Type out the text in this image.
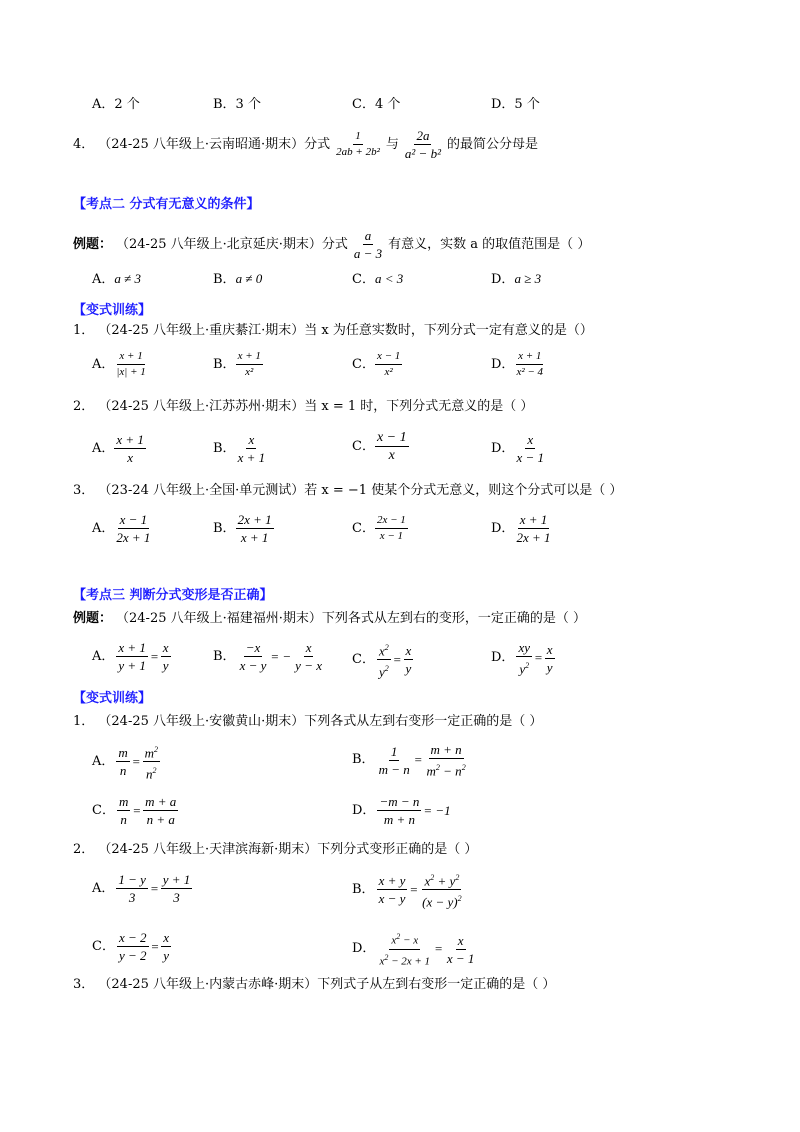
A．2 个	B．3 个	C．4 个	D．5 个
4． （24-25 八年级上·云南昭通·期末）分式 $\frac{1}{\text{2ab + 2b²}}$ 与 $\frac{2a}{\text{a² − b²}}$ 的最简公分母是
【考点二 分式有无意义的条件】
例题： （24-25 八年级上·北京延庆·期末）分式 $\frac{a}{a - 3}$ 有意义，实数 a 的取值范围是（ ）
A．a ≠ 3	B．a ≠ 0	C．a < 3	D．a ≥ 3
【变式训练】
1． （24-25 八年级上·重庆綦江·期末）当 x 为任意实数时，下列分式一定有意义的是（）
A． $\frac{x + 1}{|x| + 1}$	B． $\frac{x + 1}{\text{x²}}$	C． $\frac{x - 1}{\text{x²}}$	D． $\frac{x + 1}{\text{x² − 4}}$
2． （24-25 八年级上·江苏苏州·期末）当 x = 1 时，下列分式无意义的是（ ）
A． $\frac{x + 1}{x}$	B． $\frac{x}{x + 1}$	C． $\frac{x - 1}{x}$	D． $\frac{x}{x - 1}$
3． （23-24 八年级上·全国·单元测试）若 x = −1 使某个分式无意义，则这个分式可以是（ ）
A． $\frac{x - 1}{2x + 1}$	B． $\frac{2x + 1}{x + 1}$	C． $\frac{2x - 1}{x - 1}$	D． $\frac{x + 1}{2x + 1}$
【考点三 判断分式变形是否正确】
例题： （24-25 八年级上·福建福州·期末）下列各式从左到右的变形，一定正确的是（ ）
A． $\frac{x + 1}{y + 1} = \frac{x}{y}$	B． $\frac{-x}{x - y}$ = − $\frac{x}{y - x}$ C． $\frac{x^2}{y^2} = \frac{x}{y}$	D． $\frac{xy}{y^2} = \frac{x}{y}$
【变式训练】
1． （24-25 八年级上·安徽黄山·期末）下列各式从左到右变形一定正确的是（ ）
A． $\frac{m}{n} = \frac{m^2}{n^2}$	B． $\frac{1}{m - n} = \frac{m + n}{m^2 - n^2}$
C． $\frac{m}{n} = \frac{m + a}{n + a}$	D． $\frac{-m - n}{m + n} = -1$
2． （24-25 八年级上·天津滨海新·期末）下列分式变形正确的是（ ）
A． $\frac{1 - y}{3} = \frac{y + 1}{3}$	B． $\frac{x + y}{x - y} = \frac{x^2 + y^2}{(x - y)^2}$
C． $\frac{x - 2}{y - 2} = \frac{x}{y}$	D． $\frac{x^2 - x}{x^2 - 2x + 1} = \frac{x}{x - 1}$
3． （24-25 八年级上·内蒙古赤峰·期末）下列式子从左到右变形一定正确的是（ ）
